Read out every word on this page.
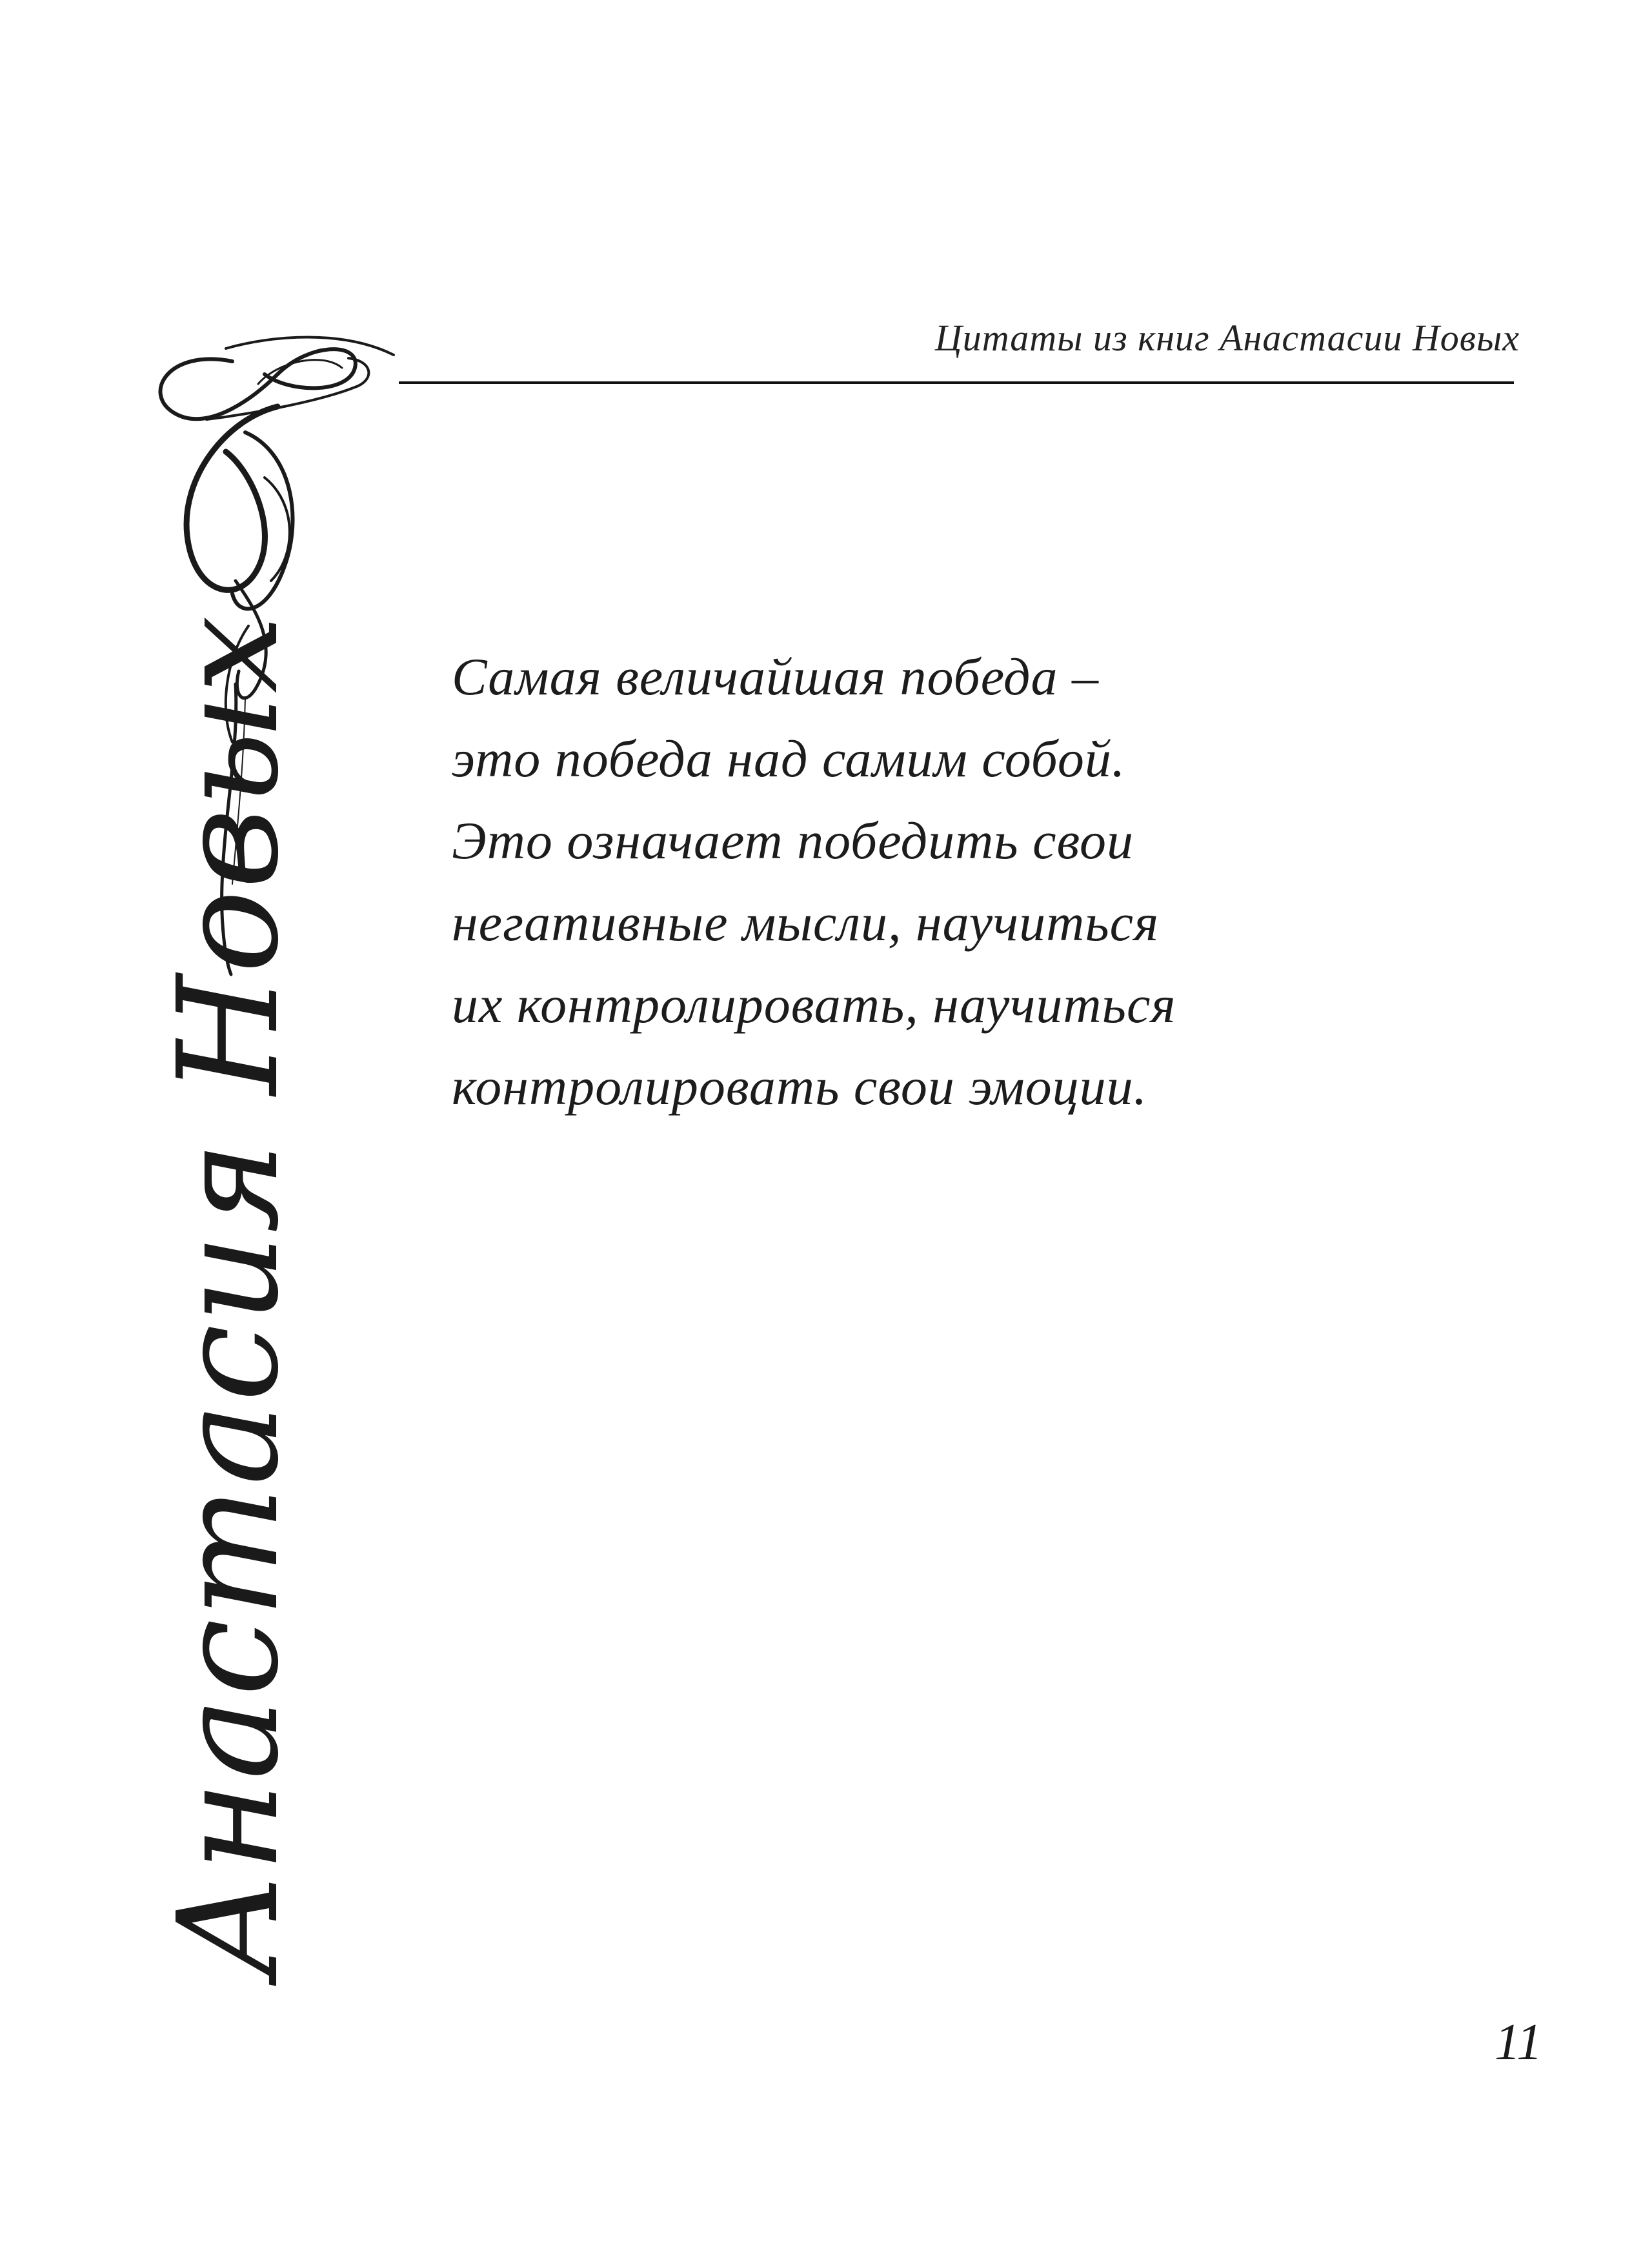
Цитаты из книг Анастасии Новых
Анастасия Новых	Самая величайшая победа –
это победа над самим собой.
Это означает победить свои
негативные мысли, научиться
их контролировать, научиться
контролировать свои эмоции.
11
